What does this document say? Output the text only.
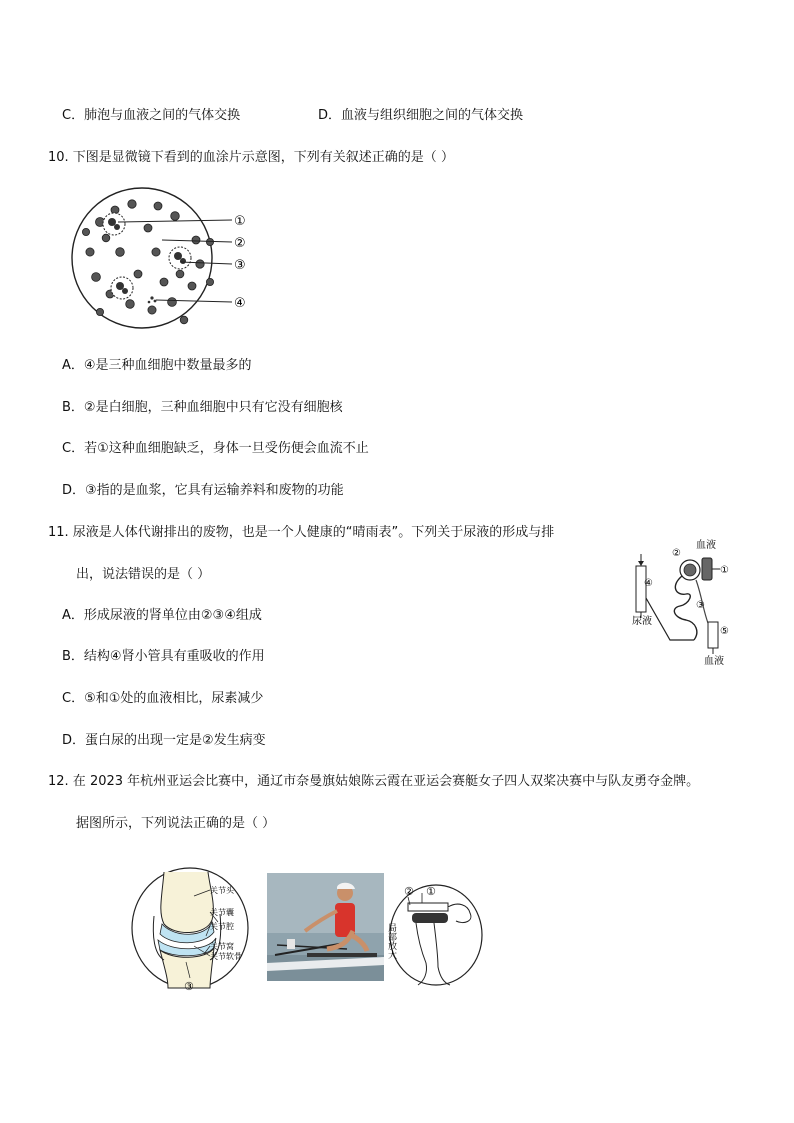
C．肺泡与血液之间的气体交换	D．血液与组织细胞之间的气体交换
10. 下图是显微镜下看到的血涂片示意图，下列有关叙述正确的是（ ）
①
②
③
④
A．④是三种血细胞中数量最多的
B．②是白细胞，三种血细胞中只有它没有细胞核
C．若①这种血细胞缺乏，身体一旦受伤便会血流不止
D．③指的是血浆，它具有运输养料和废物的功能
11. 尿液是人体代谢排出的废物，也是一个人健康的“晴雨表”。下列关于尿液的形成与排
出，说法错误的是（ ）
血液
血液
尿液
①
②
③
④
⑤
A．形成尿液的肾单位由②③④组成
B．结构④肾小管具有重吸收的作用
C．⑤和①处的血液相比，尿素减少
D．蛋白尿的出现一定是②发生病变
12. 在 2023 年杭州亚运会比赛中，通辽市奈曼旗姑娘陈云霞在亚运会赛艇女子四人双桨决赛中与队友勇夺金牌。
据图所示，下列说法正确的是（ ）
关节头
关节囊
关节腔
关节窝
关节软骨
③
①
②
局部放大
